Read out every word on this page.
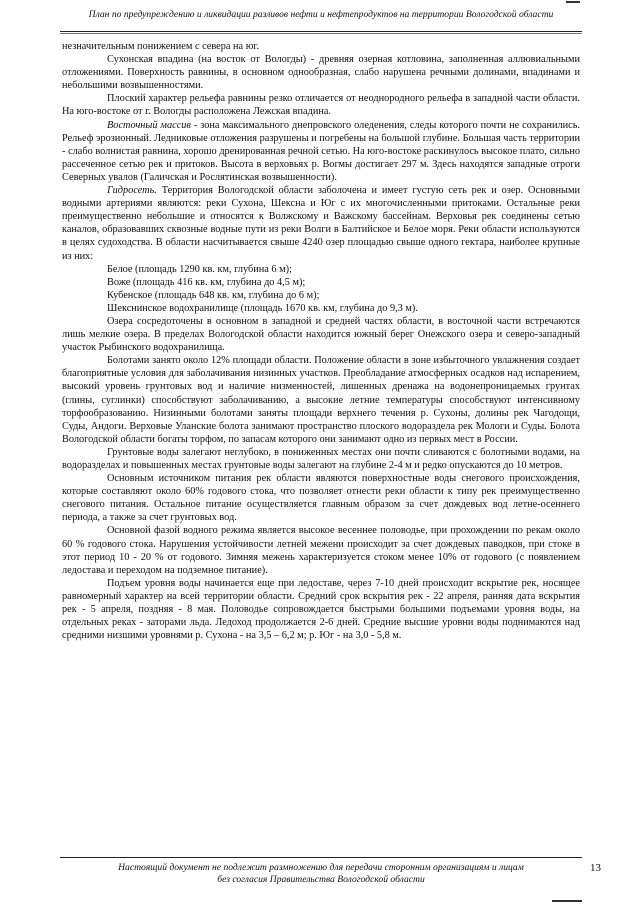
План по предупреждению и ликвидации разливов нефти и нефтепродуктов на территории Вологодской области

незначительным понижением с севера на юг.

Сухонская впадина (на восток от Вологды) - древняя озерная котловина, заполненная аллювиальными отложениями. Поверхность равнины, в основном однообразная, слабо нарушена речными долинами, впадинами и небольшими возвышенностями.

Плоский характер рельефа равнины резко отличается от неоднородного рельефа в западной части области. На юго-востоке от г. Вологды расположена Лежская впадина.

Восточный массив - зона максимального днепровского оледенения, следы которого почти не сохранились. Рельеф эрозионный. Ледниковые отложения разрушены и погребены на большой глубине. Большая часть территории - слабо волнистая равнина, хорошо дренированная речной сетью. На юго-востоке раскинулось высокое плато, сильно рассеченное сетью рек и притоков. Высота в верховьях р. Вогмы достигает 297 м. Здесь находятся западные отроги Северных увалов (Галичская и Рослятинская возвышенности).

Гидросеть. Территория Вологодской области заболочена и имеет густую сеть рек и озер. Основными водными артериями являются: реки Сухона, Шексна и Юг с их многочисленными притоками. Остальные реки преимущественно небольшие и относятся к Волжскому и Важскому бассейнам. Верховья рек соединены сетью каналов, образовавших сквозные водные пути из реки Волги в Балтийское и Белое моря. Реки области используются в целях судоходства. В области насчитывается свыше 4240 озер площадью свыше одного гектара, наиболее крупные из них:

Белое (площадь 1290 кв. км, глубина 6 м);

Воже (площадь 416 кв. км, глубина до 4,5 м);

Кубенское (площадь 648 кв. км, глубина до 6 м);

Шекснинское водохранилище (площадь 1670 кв. км, глубина до 9,3 м).

Озера сосредоточены в основном в западной и средней частях области, в восточной части встречаются лишь мелкие озера. В пределах Вологодской области находится южный берег Онежского озера и северо-западный участок Рыбинского водохранилища.

Болотами занято около 12% площади области. Положение области в зоне избыточного увлажнения создает благоприятные условия для заболачивания низинных участков. Преобладание атмосферных осадков над испарением, высокий уровень грунтовых вод и наличие низменностей, лишенных дренажа на водонепроницаемых грунтах (глины, суглинки) способствуют заболачиванию, а высокие летние температуры способствуют интенсивному торфообразованию. Низинными болотами заняты площади верхнего течения р. Сухоны, долины рек Чагодощи, Суды, Андоги. Верховые Уланские болота занимают пространство плоского водораздела рек Мологи и Суды. Болота Вологодской области богаты торфом, по запасам которого они занимают одно из первых мест в России.

Грунтовые воды залегают неглубоко, в пониженных местах они почти сливаются с болотными водами, на водоразделах и повышенных местах грунтовые воды залегают на глубине 2-4 м и редко опускаются до 10 метров.

Основным источником питания рек области являются поверхностные воды снегового происхождения, которые составляют около 60% годового стока, что позволяет отнести реки области к типу рек преимущественно снегового питания. Остальное питание осуществляется главным образом за счет дождевых вод летне-осеннего периода, а также за счет грунтовых вод.

Основной фазой водного режима является высокое весеннее половодье, при прохождении по рекам около 60 % годового стока. Нарушения устойчивости летней межени происходит за счет дождевых паводков, при стоке в этот период 10 - 20 % от годового. Зимняя межень характеризуется стоком менее 10% от годового (с появлением ледостава и переходом на подземное питание).

Подъем уровня воды начинается еще при ледоставе, через 7-10 дней происходит вскрытие рек, носящее равномерный характер на всей территории области. Средний срок вскрытия рек - 22 апреля, ранняя дата вскрытия рек - 5 апреля, поздняя - 8 мая. Половодье сопровождается быстрыми большими подъемами уровня воды, на отдельных реках - заторами льда. Ледоход продолжается 2-6 дней. Средние высшие уровни воды поднимаются над средними низшими уровнями р. Сухона - на 3,5 – 6,2 м; р. Юг - на 3,0 - 5,8 м.

Настоящий документ не подлежит размножению для передачи сторонним организациям и лицам
без согласия Правительства Вологодской области
13
